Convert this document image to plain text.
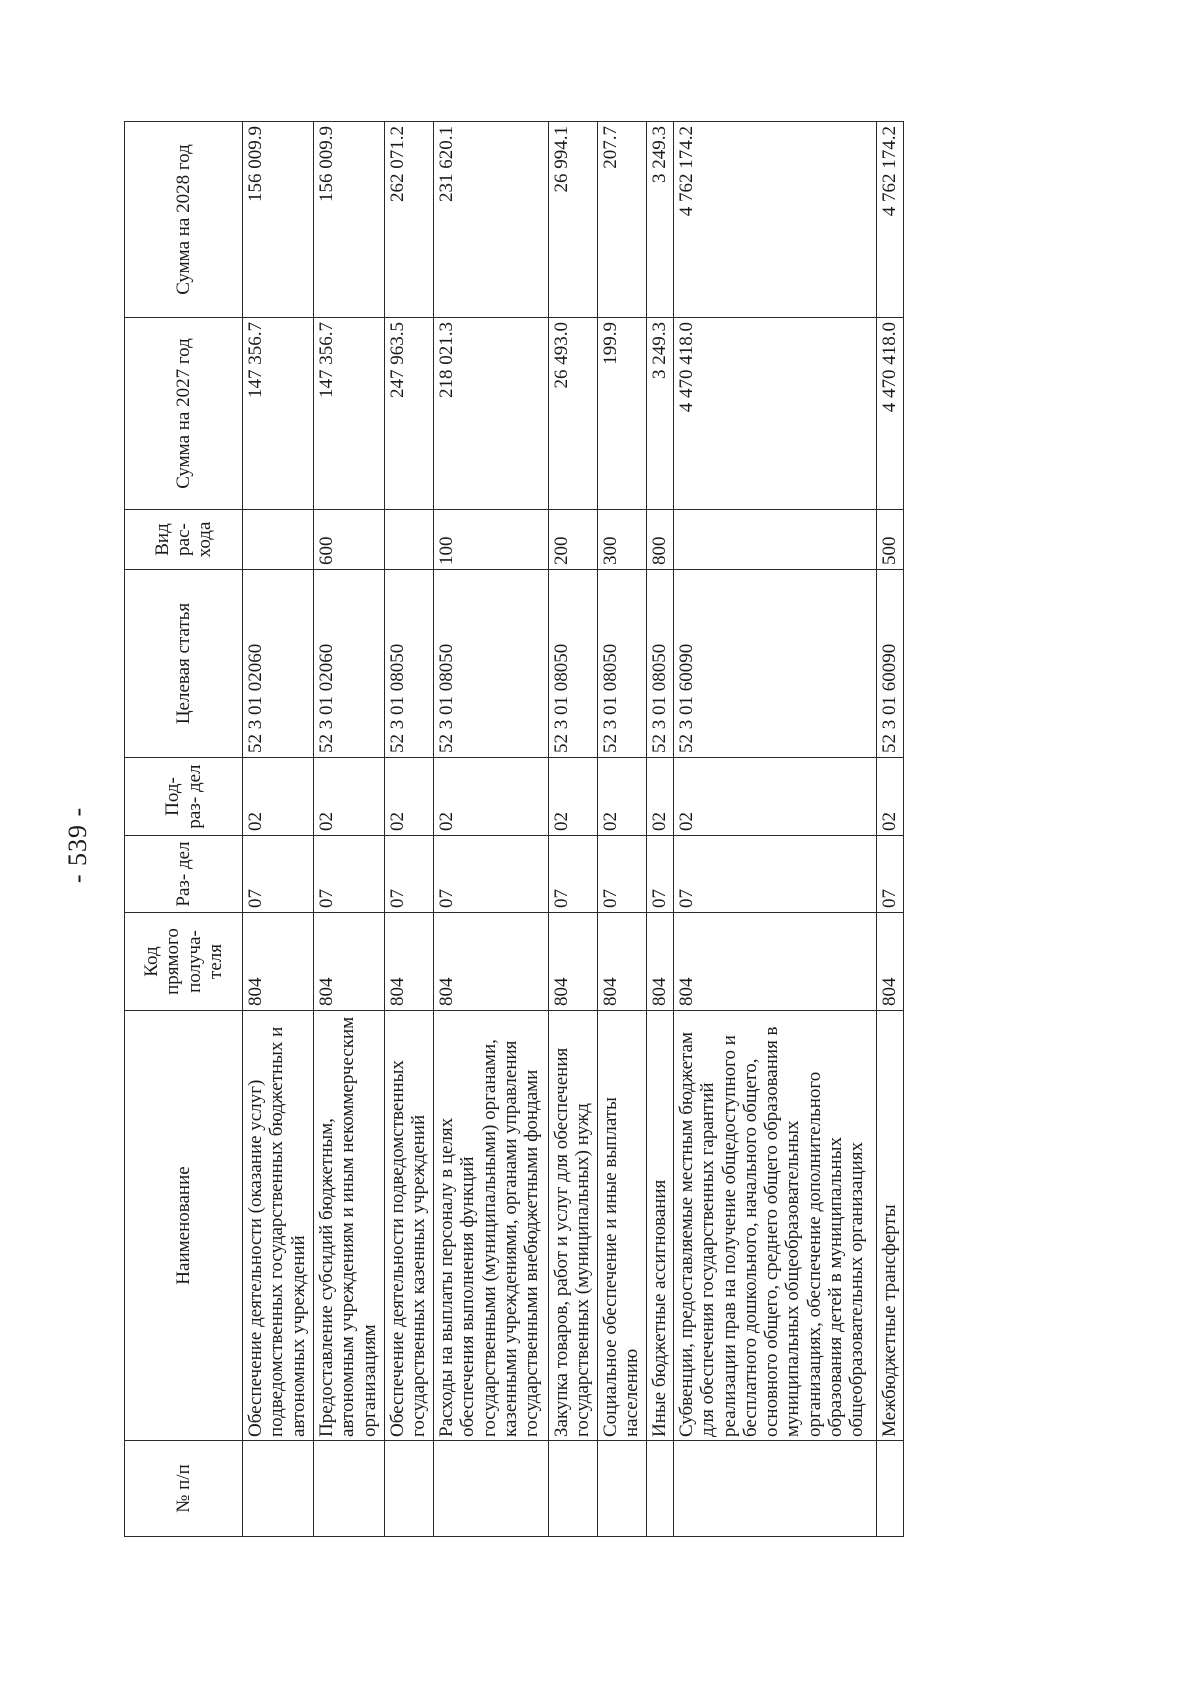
- 539 -
№ п/п	Наименование	Код прямого получа- теля	Раз- дел	Под- раз- дел	Целевая статья	Вид рас- хода	Сумма на 2027 год	Сумма на 2028 год
	Обеспечение деятельности (оказание услуг) подведомственных государственных бюджетных и автономных учреждений	804	07	02	52 3 01 02060		147 356.7	156 009.9
	Предоставление субсидий бюджетным, автономным учреждениям и иным некоммерческим организациям	804	07	02	52 3 01 02060	600	147 356.7	156 009.9
	Обеспечение деятельности подведомственных государственных казенных учреждений	804	07	02	52 3 01 08050		247 963.5	262 071.2
	Расходы на выплаты персоналу в целях обеспечения выполнения функций государственными (муниципальными) органами, казенными учреждениями, органами управления государственными внебюджетными фондами	804	07	02	52 3 01 08050	100	218 021.3	231 620.1
	Закупка товаров, работ и услуг для обеспечения государственных (муниципальных) нужд	804	07	02	52 3 01 08050	200	26 493.0	26 994.1
	Социальное обеспечение и иные выплаты населению	804	07	02	52 3 01 08050	300	199.9	207.7
	Иные бюджетные ассигнования	804	07	02	52 3 01 08050	800	3 249.3	3 249.3
	Субвенции, предоставляемые местным бюджетам для обеспечения государственных гарантий реализации прав на получение общедоступного и бесплатного дошкольного, начального общего, основного общего, среднего общего образования в муниципальных общеобразовательных организациях, обеспечение дополнительного образования детей в муниципальных общеобразовательных организациях	804	07	02	52 3 01 60090		4 470 418.0	4 762 174.2
	Межбюджетные трансферты	804	07	02	52 3 01 60090	500	4 470 418.0	4 762 174.2
